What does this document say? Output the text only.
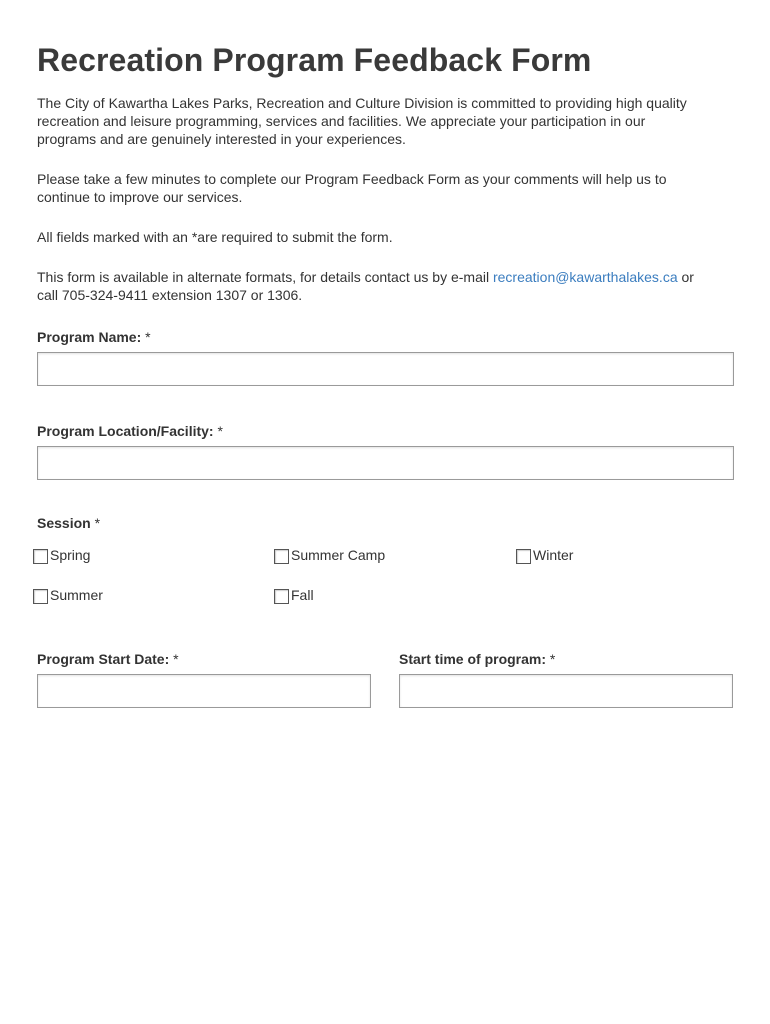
Recreation Program Feedback Form

The City of Kawartha Lakes Parks, Recreation and Culture Division is committed to providing high quality
recreation and leisure programming, services and facilities. We appreciate your participation in our
programs and are genuinely interested in your experiences.

Please take a few minutes to complete our Program Feedback Form as your comments will help us to
continue to improve our services.

All fields marked with an *are required to submit the form.

This form is available in alternate formats, for details contact us by e-mail recreation@kawarthalakes.ca or
call 705-324-9411 extension 1307 or 1306.

Program Name: *

Program Location/Facility: *

Session *

Spring	Summer Camp	Winter
Summer	Fall

Program Start Date: *	Start time of program: *
